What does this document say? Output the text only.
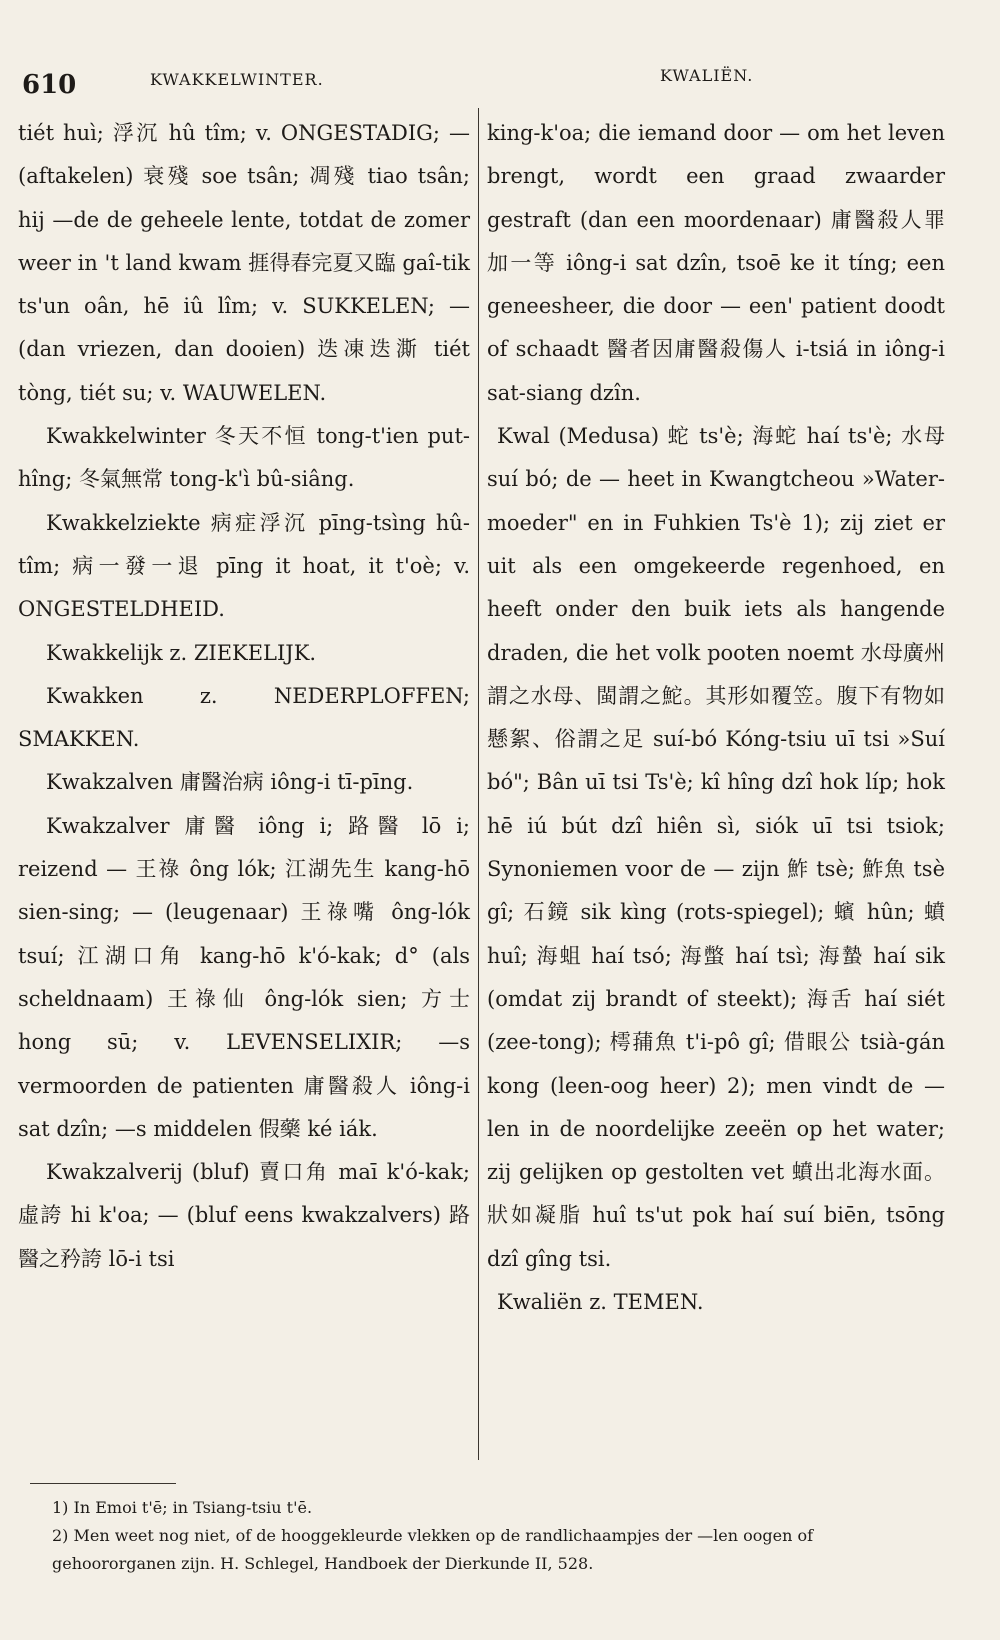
610	KWAKKELWINTER.	KWALIËN.

tiét huì; 浮沉 hû tîm; v. ONGESTADIG; — (aftakelen) 衰殘 soe tsân; 凋殘 tiao tsân; hij —de de geheele lente, totdat de zomer weer in 't land kwam 捱得春完夏又臨 gaî-tik ts'un oân, hē iû lîm; v. SUKKELEN; — (dan vriezen, dan dooien) 迭凍迭澌 tiét tòng, tiét su; v. WAUWELEN.

Kwakkelwinter 冬天不恒 tong-t'ien put-hîng; 冬氣無常 tong-k'ì bû-siâng.

Kwakkelziekte 病症浮沉 pīng-tsìng hû-tîm; 病一發一退 pīng it hoat, it t'oè; v. ONGESTELDHEID.

Kwakkelijk z. ZIEKELIJK.

Kwakken z. NEDERPLOFFEN; SMAKKEN.

Kwakzalven 庸醫治病 iông-i tī-pīng.

Kwakzalver 庸醫 iông i; 路醫 lō i; reizend — 王祿 ông lók; 江湖先生 kang-hō sien-sing; — (leugenaar) 王祿嘴 ông-lók tsuí; 江湖口角 kang-hō k'ó-kak; d° (als scheldnaam) 王祿仙 ông-lók sien; 方士 hong sū; v. LEVENSELIXIR; —s vermoorden de patienten 庸醫殺人 iông-i sat dzîn; —s middelen 假藥 ké iák.

Kwakzalverij (bluf) 賣口角 maī k'ó-kak; 虛誇 hi k'oa; — (bluf eens kwakzalvers) 路醫之矜誇 lō-i tsi

king-k'oa; die iemand door — om het leven brengt, wordt een graad zwaarder gestraft (dan een moordenaar) 庸醫殺人罪加一等 iông-i sat dzîn, tsoē ke it tíng; een geneesheer, die door — een' patient doodt of schaadt 醫者因庸醫殺傷人 i-tsiá in iông-i sat-siang dzîn.

Kwal (Medusa) 蛇 ts'è; 海蛇 haí ts'è; 水母 suí bó; de — heet in Kwangtcheou »Water-moeder" en in Fuhkien Ts'è 1); zij ziet er uit als een omgekeerde regenhoed, en heeft onder den buik iets als hangende draden, die het volk pooten noemt 水母廣州謂之水母、閩謂之鮀。其形如覆笠。腹下有物如懸絮、俗謂之足 suí-bó Kóng-tsiu uī tsi »Suí bó"; Bân uī tsi Ts'è; kî hîng dzî hok líp; hok hē iú bút dzî hiên sì, siók uī tsi tsiok; Synoniemen voor de — zijn 鮓 tsè; 鮓魚 tsè gî; 石鏡 sik kìng (rots-spiegel); 蠙 hûn; 蟦 huî; 海蛆 haí tsó; 海蟞 haí tsì; 海蟄 haí sik (omdat zij brandt of steekt); 海舌 haí siét (zee-tong); 樗蒱魚 t'i-pô gî; 借眼公 tsià-gán kong (leen-oog heer) 2); men vindt de —len in de noordelijke zeeën op het water; zij gelijken op gestolten vet 蟦出北海水面。狀如凝脂 huî ts'ut pok haí suí biēn, tsōng dzî gîng tsi.

Kwaliën z. TEMEN.

1) In Emoi t'ē; in Tsiang-tsiu t'ē.

2) Men weet nog niet, of de hooggekleurde vlekken op de randlichaampjes der —len oogen of gehoororganen zijn. H. Schlegel, Handboek der Dierkunde II, 528.
